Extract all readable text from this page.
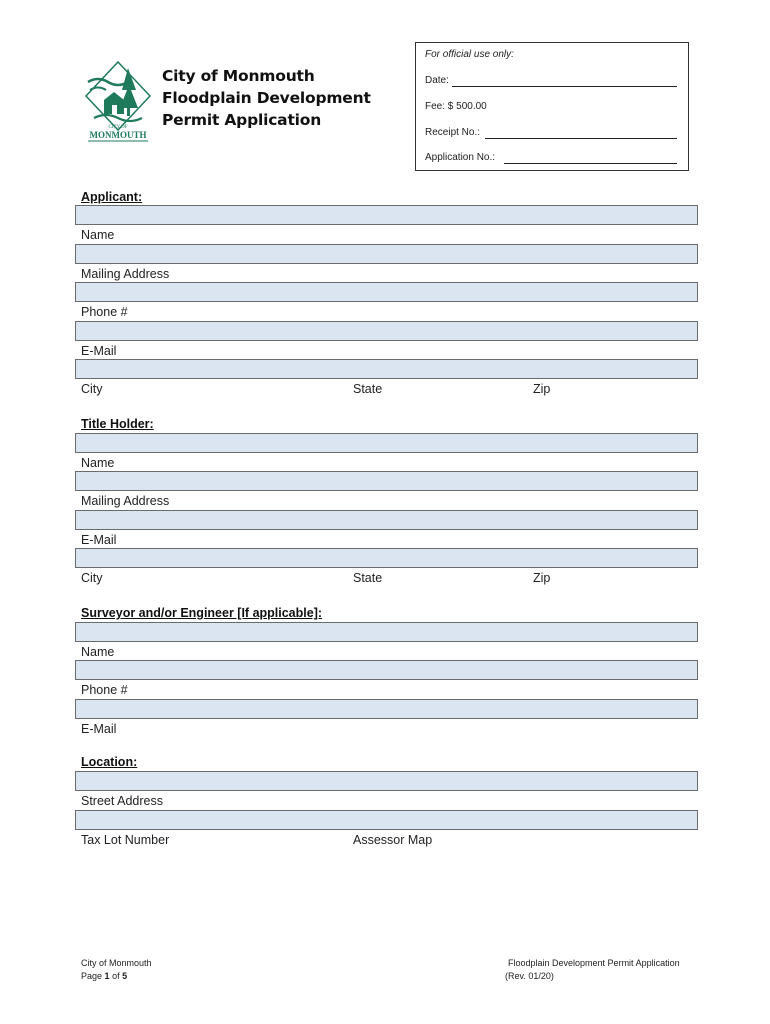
CITY OF
MONMOUTH
City of Monmouth
Floodplain Development
Permit Application
For official use only:
Date:
Fee: $ 500.00
Receipt No.:
Application No.:
Applicant:
Name
Mailing Address
Phone #
E-Mail
City	State	Zip
Title Holder:
Name
Mailing Address
E-Mail
City	State	Zip
Surveyor and/or Engineer [If applicable]:
Name
Phone #
E-Mail
Location:
Street Address
Tax Lot Number	Assessor Map
City of Monmouth
Page 1 of 5
Floodplain Development Permit Application
(Rev. 01/20)
